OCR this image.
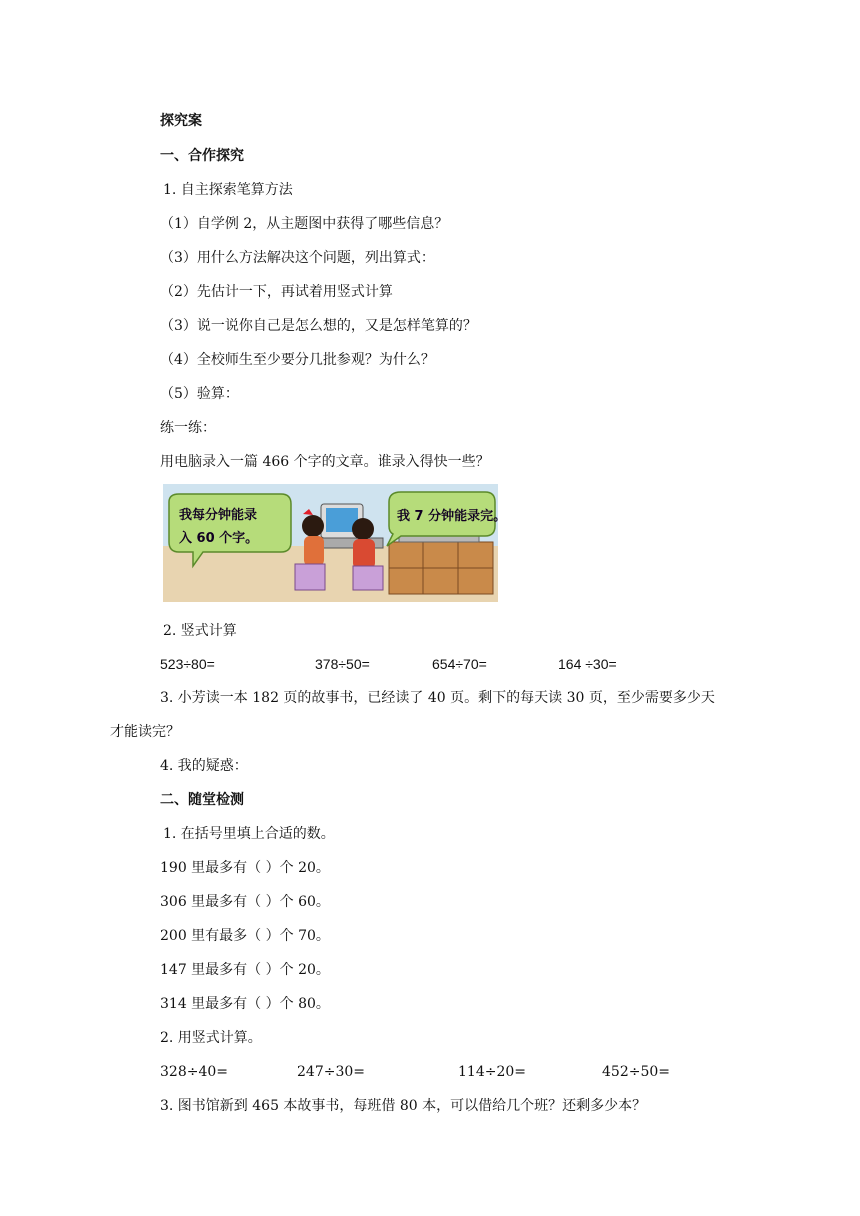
探究案
一、合作探究
1. 自主探索笔算方法
（1）自学例 2，从主题图中获得了哪些信息？
（3）用什么方法解决这个问题，列出算式：
（2）先估计一下，再试着用竖式计算
（3）说一说你自己是怎么想的，又是怎样笔算的？
（4）全校师生至少要分几批参观？为什么？
（5）验算：
练一练：
用电脑录入一篇 466 个字的文章。谁录入得快一些？
我每分钟能录
入 60 个字。
我 7 分钟能录完。
2. 竖式计算
523÷80=	378÷50=	654÷70=	164 ÷30=
3. 小芳读一本 182 页的故事书，已经读了 40 页。剩下的每天读 30 页，至少需要多少天
才能读完？
4. 我的疑惑：
二、随堂检测
1. 在括号里填上合适的数。
190 里最多有（ ）个 20。
306 里最多有（ ）个 60。
200 里有最多（ ）个 70。
147 里最多有（ ）个 20。
314 里最多有（ ）个 80。
2. 用竖式计算。
328÷40=	247÷30=	114÷20=	452÷50=
3. 图书馆新到 465 本故事书，每班借 80 本，可以借给几个班？还剩多少本？
